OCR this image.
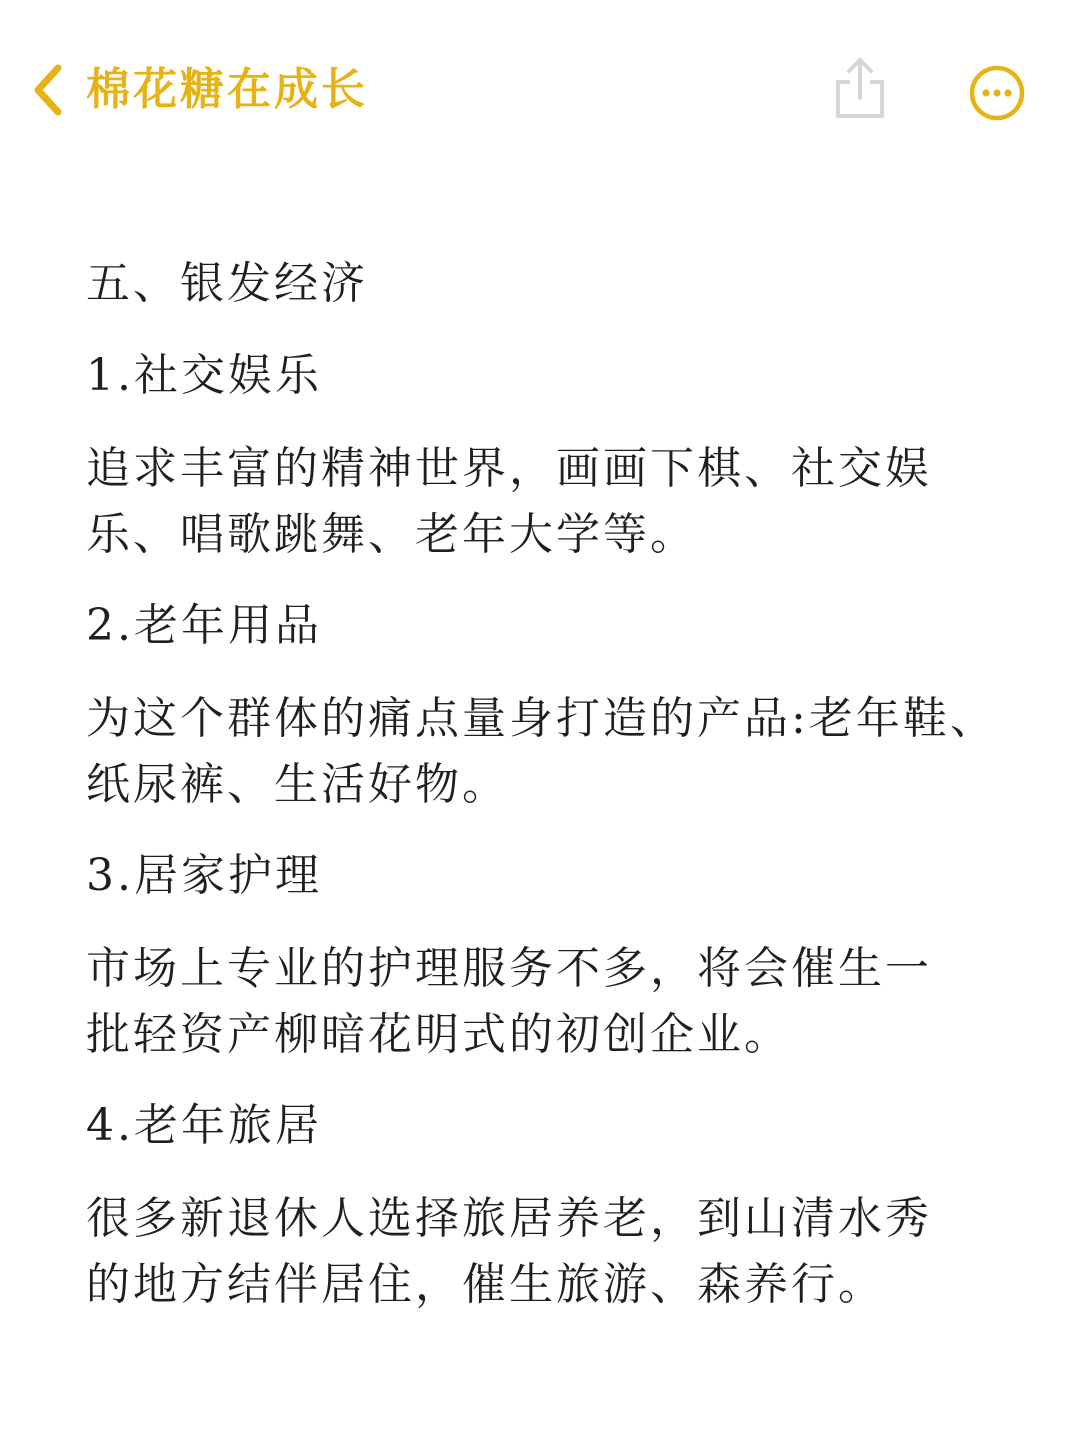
棉花糖在成长
五、银发经济
1.社交娱乐
追求丰富的精神世界，画画下棋、社交娱
乐、唱歌跳舞、老年大学等。
2.老年用品
为这个群体的痛点量身打造的产品:老年鞋、
纸尿裤、生活好物。
3.居家护理
市场上专业的护理服务不多，将会催生一
批轻资产柳暗花明式的初创企业。
4.老年旅居
很多新退休人选择旅居养老，到山清水秀
的地方结伴居住，催生旅游、森养行。
